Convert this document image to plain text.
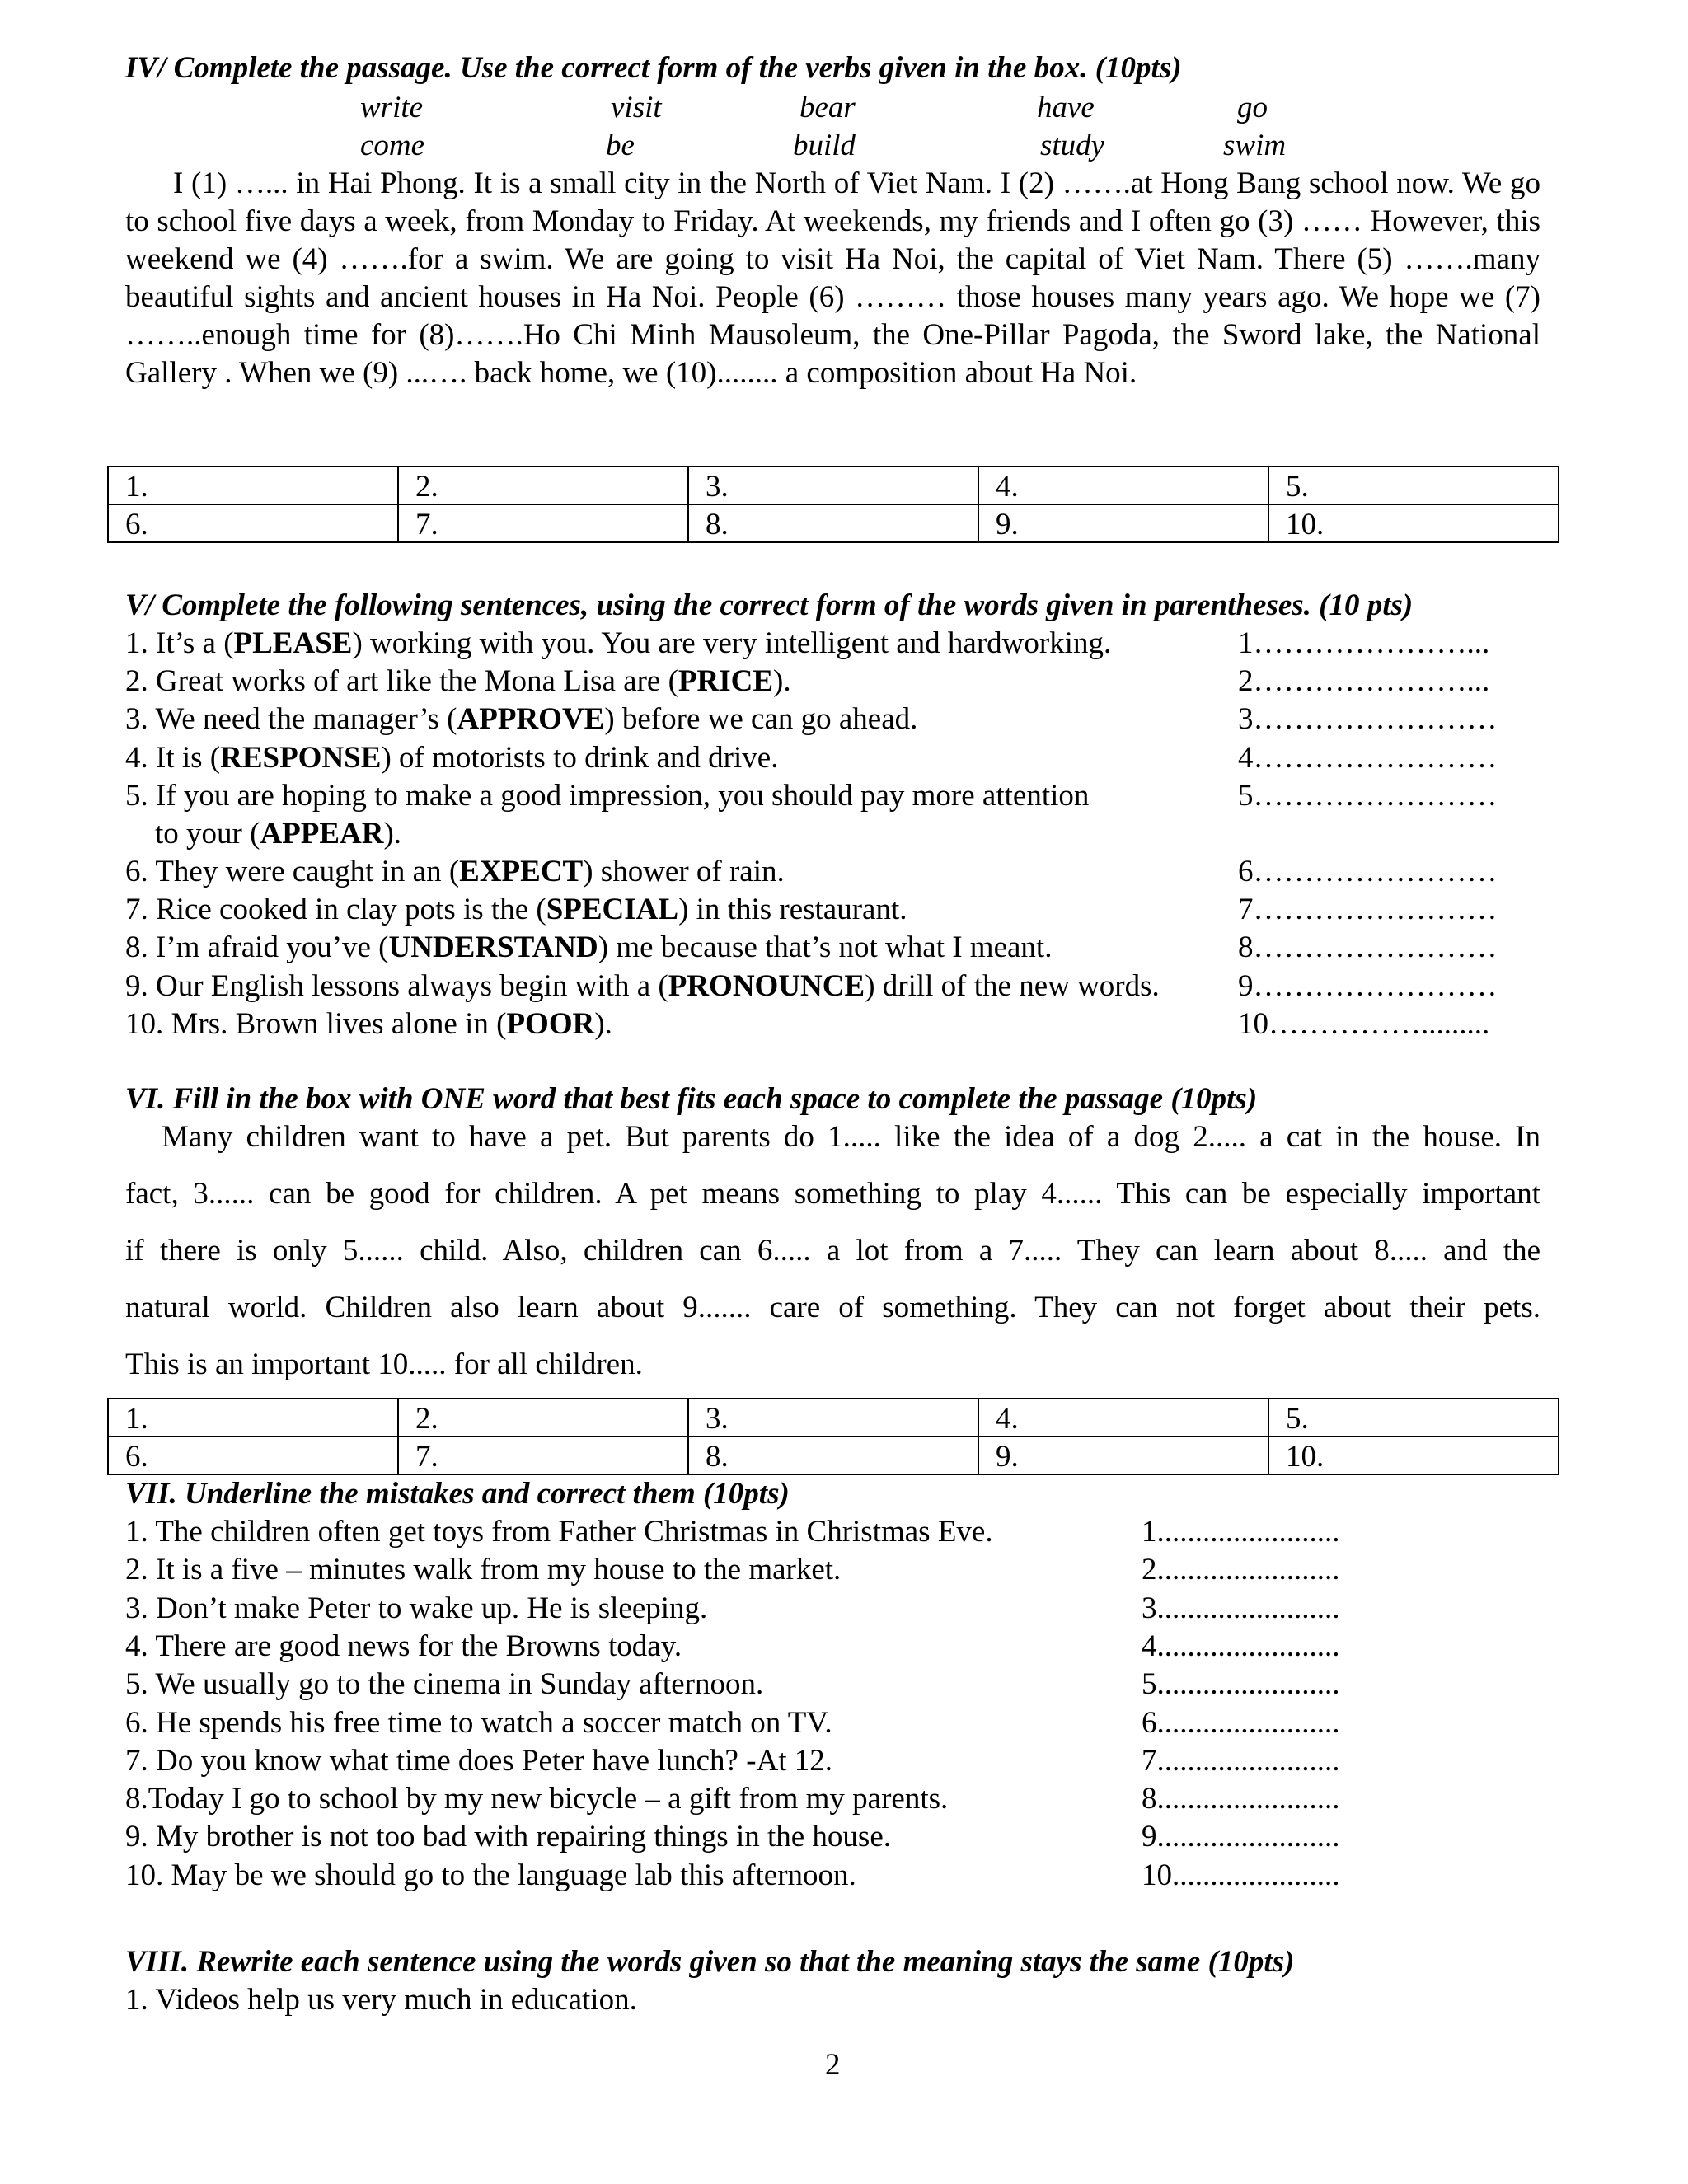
IV/ Complete the passage. Use the correct form of the verbs given in the box. (10pts)
write	visit	bear	have	go
come	be	build	study	swim
I (1) …... in Hai Phong. It is a small city in the North of Viet Nam. I (2) …….at Hong Bang school now. We go to school five days a week, from Monday to Friday. At weekends, my friends and I often go (3) …… However, this weekend we (4) …….for a swim. We are going to visit Ha Noi, the capital of Viet Nam. There (5) …….many beautiful sights and ancient houses in Ha Noi. People (6) ……… those houses many years ago. We hope we (7) ……..enough time for (8)…….Ho Chi Minh Mausoleum, the One-Pillar Pagoda, the Sword lake, the National Gallery . When we (9) ...…. back home, we (10)........ a composition about Ha Noi.
1.	2.	3.	4.	5.
6.	7.	8.	9.	10.
V/ Complete the following sentences, using the correct form of the words given in parentheses. (10 pts)
1. It’s a (PLEASE) working with you. You are very intelligent and hardworking.	1…………………...
2. Great works of art like the Mona Lisa are (PRICE).	2…………………...
3. We need the manager’s (APPROVE) before we can go ahead.	3……………………
4. It is (RESPONSE) of motorists to drink and drive.	4……………………
5. If you are hoping to make a good impression, you should pay more attention	5……………………
to your (APPEAR).
6. They were caught in an (EXPECT) shower of rain.	6……………………
7. Rice cooked in clay pots is the (SPECIAL) in this restaurant.	7……………………
8. I’m afraid you’ve (UNDERSTAND) me because that’s not what I meant.	8……………………
9. Our English lessons always begin with a (PRONOUNCE) drill of the new words.	9……………………
10. Mrs. Brown lives alone in (POOR).	10…………….........
VI. Fill in the box with ONE word that best fits each space to complete the passage (10pts)
Many children want to have a pet. But parents do 1..... like the idea of a dog 2..... a cat in the house. In
fact, 3...... can be good for children. A pet means something to play 4...... This can be especially important
if there is only 5...... child. Also, children can 6..... a lot from a 7..... They can learn about 8..... and the
natural world. Children also learn about 9....... care of something. They can not forget about their pets.
This is an important 10..... for all children.
1.	2.	3.	4.	5.
6.	7.	8.	9.	10.
VII. Underline the mistakes and correct them (10pts)
1. The children often get toys from Father Christmas in Christmas Eve.	1........................
2. It is a five – minutes walk from my house to the market.	2........................
3. Don’t make Peter to wake up. He is sleeping.	3........................
4. There are good news for the Browns today.	4........................
5. We usually go to the cinema in Sunday afternoon.	5........................
6. He spends his free time to watch a soccer match on TV.	6........................
7. Do you know what time does Peter have lunch? -At 12.	7........................
8.Today I go to school by my new bicycle – a gift from my parents.	8........................
9. My brother is not too bad with repairing things in the house.	9........................
10. May be we should go to the language lab this afternoon.	10......................
VIII. Rewrite each sentence using the words given so that the meaning stays the same (10pts)
1. Videos help us very much in education.
2
